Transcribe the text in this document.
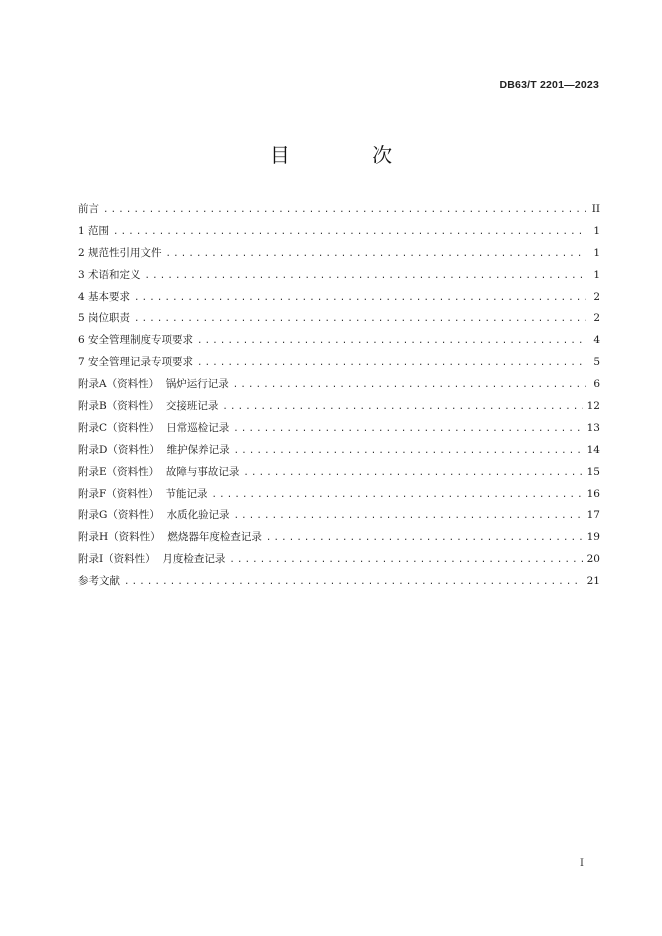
DB63/T 2201—2023
目 次
前言 .....	II
1 范围 .....	1
2 规范性引用文件 .....	1
3 术语和定义 .....	1
4 基本要求 .....	2
5 岗位职责 .....	2
6 安全管理制度专项要求 .....	4
7 安全管理记录专项要求 .....	5
附录A（资料性）  锅炉运行记录 .....	6
附录B（资料性）  交接班记录 .....	12
附录C（资料性）  日常巡检记录 .....	13
附录D（资料性）  维护保养记录 .....	14
附录E（资料性）  故障与事故记录 .....	15
附录F（资料性）  节能记录 .....	16
附录G（资料性）  水质化验记录 .....	17
附录H（资料性）  燃烧器年度检查记录 .....	19
附录I（资料性）  月度检查记录 .....	20
参考文献 .....	21
I
